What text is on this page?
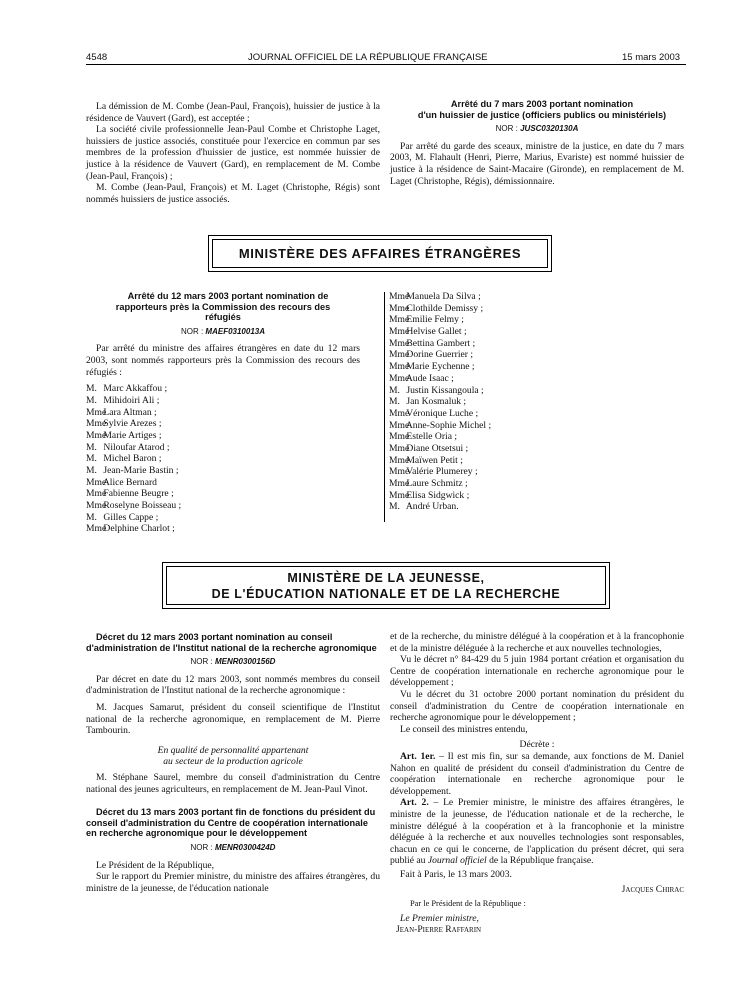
4548	JOURNAL OFFICIEL DE LA RÉPUBLIQUE FRANÇAISE	15 mars 2003

La démission de M. Combe (Jean-Paul, François), huissier de justice à la résidence de Vauvert (Gard), est acceptée ;

La société civile professionnelle Jean-Paul Combe et Christophe Laget, huissiers de justice associés, constituée pour l'exercice en commun par ses membres de la profession d'huissier de justice, est nommée huissier de justice à la résidence de Vauvert (Gard), en remplacement de M. Combe (Jean-Paul, François) ;

M. Combe (Jean-Paul, François) et M. Laget (Christophe, Régis) sont nommés huissiers de justice associés.

Arrêté du 7 mars 2003 portant nomination

d'un huissier de justice (officiers publics ou ministériels)

NOR : JUSC0320130A

Par arrêté du garde des sceaux, ministre de la justice, en date du 7 mars 2003, M. Flahault (Henri, Pierre, Marius, Evariste) est nommé huissier de justice à la résidence de Saint-Macaire (Gironde), en remplacement de M. Laget (Christophe, Régis), démissionnaire.

MINISTÈRE DES AFFAIRES ÉTRANGÈRES

Arrêté du 12 mars 2003 portant nomination de rapporteurs près la Commission des recours des réfugiés

NOR : MAEF0310013A

Par arrêté du ministre des affaires étrangères en date du 12 mars 2003, sont nommés rapporteurs près la Commission des recours des réfugiés :

M. Marc Akkaffou ;
M. Mihidoiri Ali ;
Mme Lara Altman ;
Mme Sylvie Arezes ;
Mme Marie Artiges ;
M. Niloufar Atarod ;
M. Michel Baron ;
M. Jean-Marie Bastin ;
Mme Alice Bernard
Mme Fabienne Beugre ;
Mme Roselyne Boisseau ;
M. Gilles Cappe ;
Mme Delphine Charlot ;
Mme Manuela Da Silva ;
Mme Clothilde Demissy ;
Mme Emilie Felmy ;
Mme Helvise Gallet ;
Mme Bettina Gambert ;
Mme Dorine Guerrier ;
Mme Marie Eychenne ;
Mme Aude Isaac ;
M. Justin Kissangoula ;
M. Jan Kosmaluk ;
Mme Véronique Luche ;
Mme Anne-Sophie Michel ;
Mme Estelle Oria ;
Mme Diane Otsetsui ;
Mme Maïwen Petit ;
Mme Valérie Plumerey ;
Mme Laure Schmitz ;
Mme Elisa Sidgwick ;
M. André Urban.
MINISTÈRE DE LA JEUNESSE,
DE L'ÉDUCATION NATIONALE ET DE LA RECHERCHE

Décret du 12 mars 2003 portant nomination au conseil d'administration de l'Institut national de la recherche agronomique

NOR : MENR0300156D

Par décret en date du 12 mars 2003, sont nommés membres du conseil d'administration de l'Institut national de la recherche agronomique :

M. Jacques Samarut, président du conseil scientifique de l'Institut national de la recherche agronomique, en remplacement de M. Pierre Tambourin.

En qualité de personnalité appartenant

au secteur de la production agricole

M. Stéphane Saurel, membre du conseil d'administration du Centre national des jeunes agriculteurs, en remplacement de M. Jean-Paul Vinot.

Décret du 13 mars 2003 portant fin de fonctions du président du conseil d'administration du Centre de coopération internationale en recherche agronomique pour le développement

NOR : MENR0300424D

Le Président de la République,

Sur le rapport du Premier ministre, du ministre des affaires étrangères, du ministre de la jeunesse, de l'éducation nationale

et de la recherche, du ministre délégué à la coopération et à la francophonie et de la ministre déléguée à la recherche et aux nouvelles technologies,

Vu le décret n° 84-429 du 5 juin 1984 portant création et organisation du Centre de coopération internationale en recherche agronomique pour le développement ;

Vu le décret du 31 octobre 2000 portant nomination du président du conseil d'administration du Centre de coopération internationale en recherche agronomique pour le développement ;

Le conseil des ministres entendu,

Décrète :

Art. 1er. – Il est mis fin, sur sa demande, aux fonctions de M. Daniel Nahon en qualité de président du conseil d'administration du Centre de coopération internationale en recherche agronomique pour le développement.

Art. 2. – Le Premier ministre, le ministre des affaires étrangères, le ministre de la jeunesse, de l'éducation nationale et de la recherche, le ministre délégué à la coopération et à la francophonie et la ministre déléguée à la recherche et aux nouvelles technologies sont responsables, chacun en ce qui le concerne, de l'application du présent décret, qui sera publié au Journal officiel de la République française.

Fait à Paris, le 13 mars 2003.

Jacques Chirac
Par le Président de la République :
Le Premier ministre,
Jean-Pierre Raffarin
